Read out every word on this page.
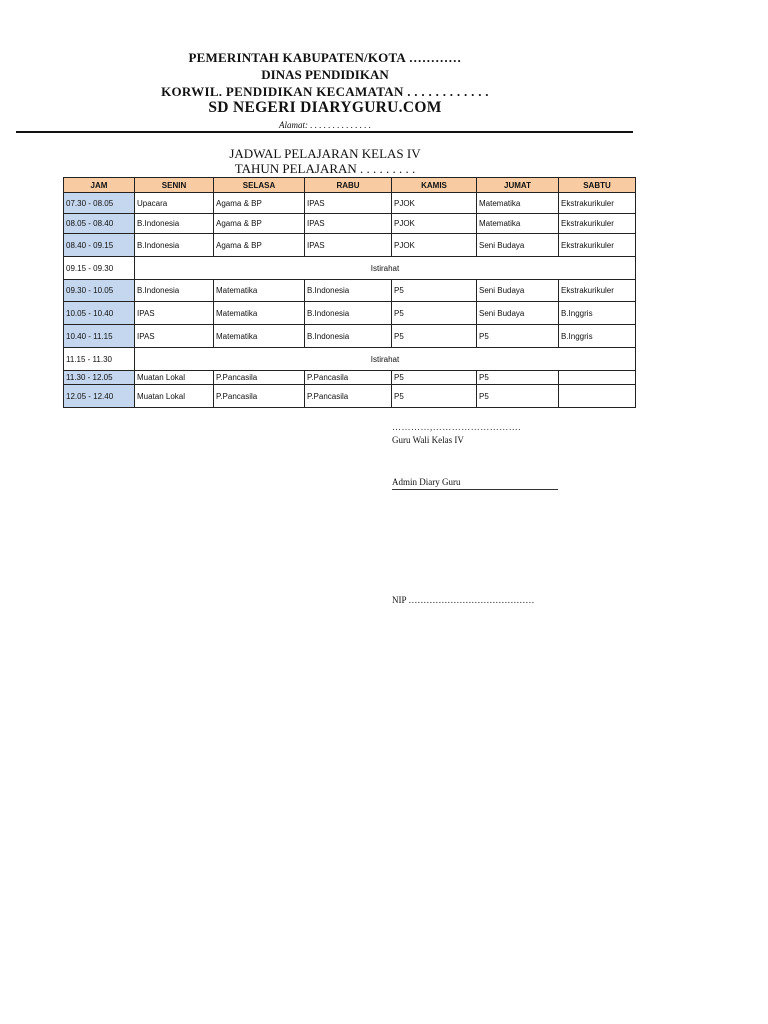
PEMERINTAH KABUPATEN/KOTA …………
DINAS PENDIDIKAN
KORWIL. PENDIDIKAN KECAMATAN . . . . . . . . . . . .
SD NEGERI DIARYGURU.COM
Alamat: . . . . . . . . . . . . . .
JADWAL PELAJARAN KELAS IV
TAHUN PELAJARAN . . . . . . . . .
JAM	SENIN	SELASA	RABU	KAMIS	JUMAT	SABTU
07.30 - 08.05	Upacara	Agama & BP	IPAS	PJOK	Matematika	Ekstrakurikuler
08.05 - 08.40	B.Indonesia	Agama & BP	IPAS	PJOK	Matematika	Ekstrakurikuler
08.40 - 09.15	B.Indonesia	Agama & BP	IPAS	PJOK	Seni Budaya	Ekstrakurikuler
09.15 - 09.30	Istirahat					
09.30 - 10.05	B.Indonesia	Matematika	B.Indonesia	P5	Seni Budaya	Ekstrakurikuler
10.05 - 10.40	IPAS	Matematika	B.Indonesia	P5	Seni Budaya	B.Inggris
10.40 - 11.15	IPAS	Matematika	B.Indonesia	P5	P5	B.Inggris
11.15 - 11.30	Istirahat					
11.30 - 12.05	Muatan Lokal	P.Pancasila	P.Pancasila	P5	P5	
12.05 - 12.40	Muatan Lokal	P.Pancasila	P.Pancasila	P5	P5	
…………,……………………….
Guru Wali Kelas IV
Admin Diary Guru
NIP ……………………………………
